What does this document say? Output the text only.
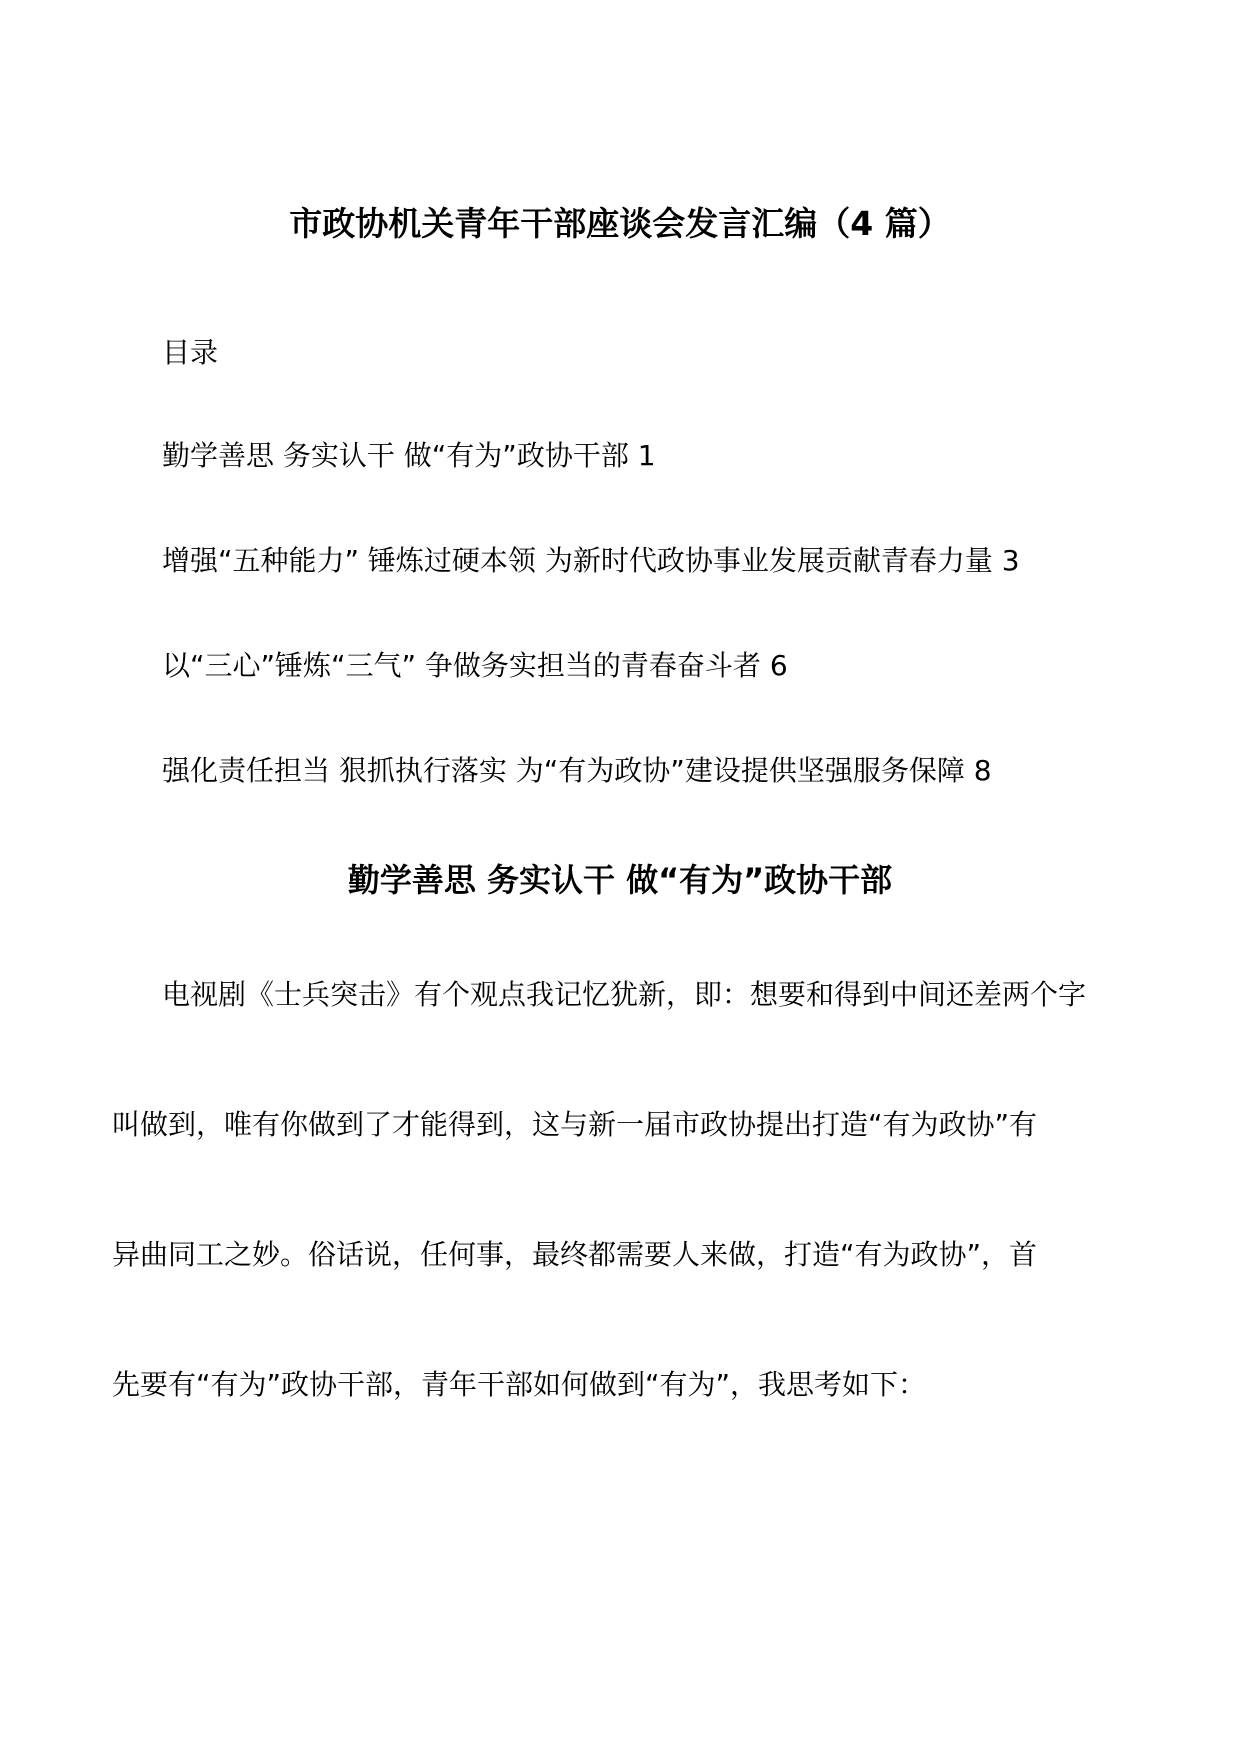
市政协机关青年干部座谈会发言汇编（4 篇）
目录
勤学善思 务实认干 做“有为”政协干部 1
增强“五种能力” 锤炼过硬本领 为新时代政协事业发展贡献青春力量 3
以“三心”锤炼“三气” 争做务实担当的青春奋斗者 6
强化责任担当 狠抓执行落实 为“有为政协”建设提供坚强服务保障 8
勤学善思 务实认干 做“有为”政协干部
电视剧《士兵突击》有个观点我记忆犹新，即：想要和得到中间还差两个字
叫做到，唯有你做到了才能得到，这与新一届市政协提出打造“有为政协”有
异曲同工之妙。俗话说，任何事，最终都需要人来做，打造“有为政协”，首
先要有“有为”政协干部，青年干部如何做到“有为”，我思考如下：
